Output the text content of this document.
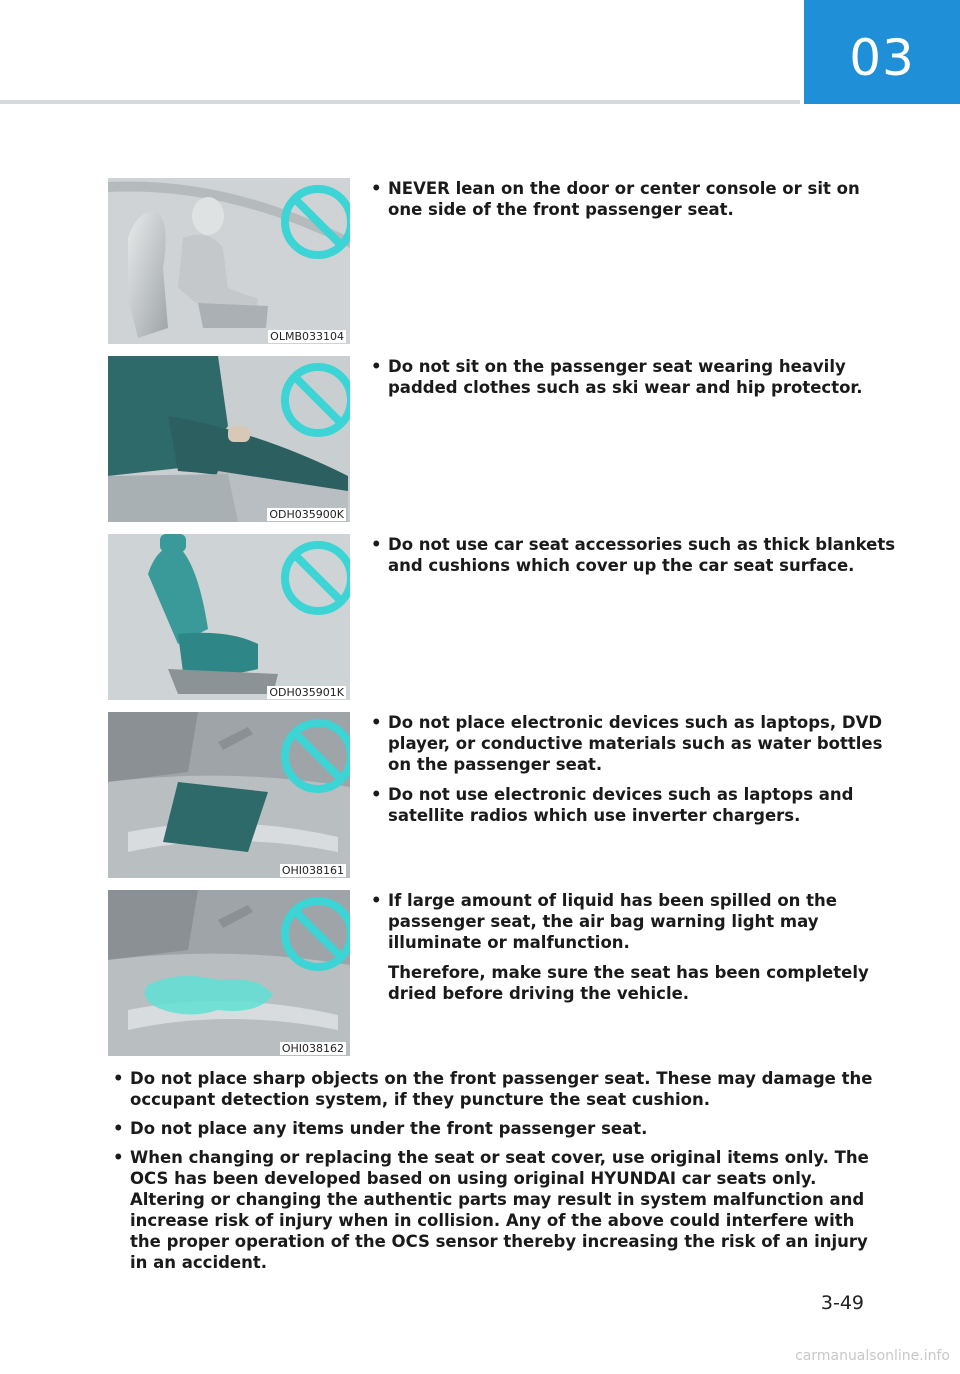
03
OLMB033104
• NEVER lean on the door or center console or sit on one side of the front passenger seat.
ODH035900K
• Do not sit on the passenger seat wearing heavily padded clothes such as ski wear and hip protector.
ODH035901K
• Do not use car seat accessories such as thick blankets and cushions which cover up the car seat surface.
OHI038161
• Do not place electronic devices such as laptops, DVD player, or conductive materials such as water bottles on the passenger seat.
• Do not use electronic devices such as laptops and satellite radios which use inverter chargers.
OHI038162
• If large amount of liquid has been spilled on the passenger seat, the air bag warning light may illuminate or malfunction.
Therefore, make sure the seat has been completely dried before driving the vehicle.
• Do not place sharp objects on the front passenger seat. These may damage the occupant detection system, if they puncture the seat cushion.
• Do not place any items under the front passenger seat.
• When changing or replacing the seat or seat cover, use original items only. The OCS has been developed based on using original HYUNDAI car seats only. Altering or changing the authentic parts may result in system malfunction and increase risk of injury when in collision. Any of the above could interfere with the proper operation of the OCS sensor thereby increasing the risk of an injury in an accident.
3-49
carmanualsonline.info
